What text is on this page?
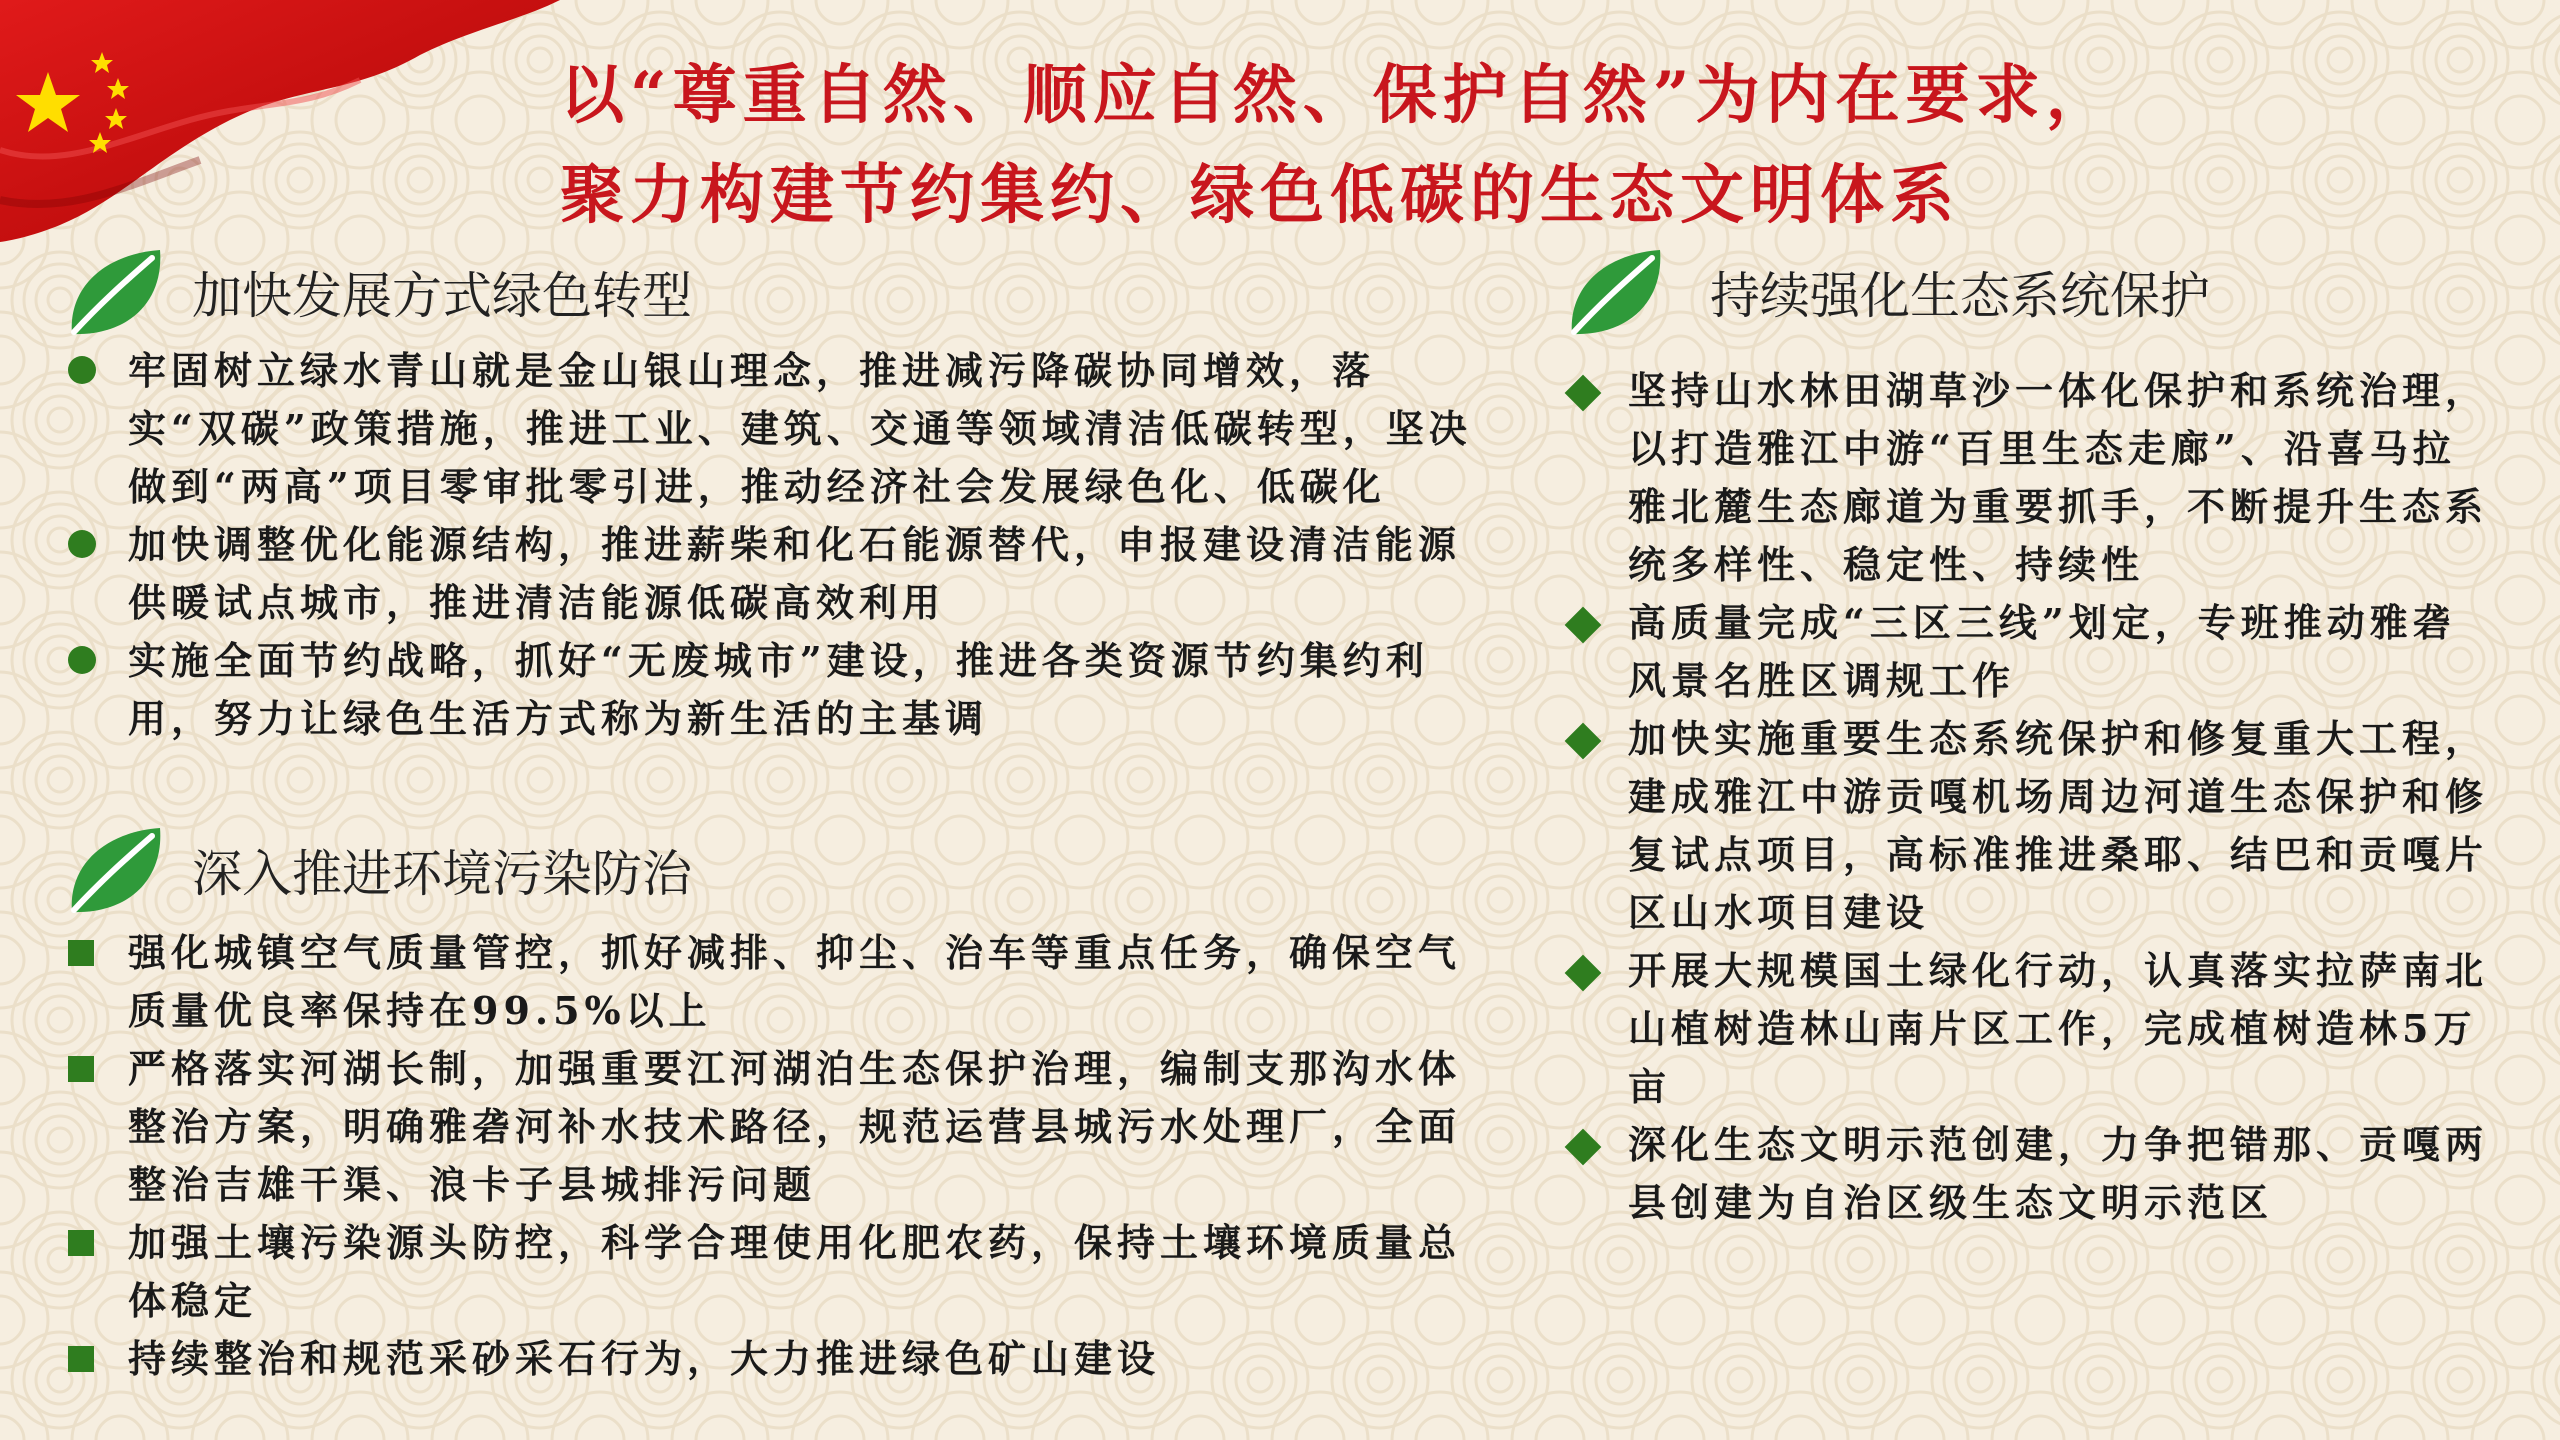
以“尊重自然、顺应自然、保护自然”为内在要求，
聚力构建节约集约、绿色低碳的生态文明体系
加快发展方式绿色转型
牢固树立绿水青山就是金山银山理念，推进减污降碳协同增效，落实“双碳”政策措施，推进工业、建筑、交通等领域清洁低碳转型，坚决做到“两高”项目零审批零引进，推动经济社会发展绿色化、低碳化
加快调整优化能源结构，推进薪柴和化石能源替代，申报建设清洁能源供暖试点城市，推进清洁能源低碳高效利用
实施全面节约战略，抓好“无废城市”建设，推进各类资源节约集约利用，努力让绿色生活方式称为新生活的主基调
深入推进环境污染防治
强化城镇空气质量管控，抓好减排、抑尘、治车等重点任务，确保空气质量优良率保持在99.5%以上
严格落实河湖长制，加强重要江河湖泊生态保护治理，编制支那沟水体整治方案，明确雅砻河补水技术路径，规范运营县城污水处理厂，全面整治吉雄干渠、浪卡子县城排污问题
加强土壤污染源头防控，科学合理使用化肥农药，保持土壤环境质量总体稳定
持续整治和规范采砂采石行为，大力推进绿色矿山建设
持续强化生态系统保护
坚持山水林田湖草沙一体化保护和系统治理，以打造雅江中游“百里生态走廊”、沿喜马拉雅北麓生态廊道为重要抓手，不断提升生态系统多样性、稳定性、持续性
高质量完成“三区三线”划定，专班推动雅砻风景名胜区调规工作
加快实施重要生态系统保护和修复重大工程，建成雅江中游贡嘎机场周边河道生态保护和修复试点项目，高标准推进桑耶、结巴和贡嘎片区山水项目建设
开展大规模国土绿化行动，认真落实拉萨南北山植树造林山南片区工作，完成植树造林5万亩
深化生态文明示范创建，力争把错那、贡嘎两县创建为自治区级生态文明示范区
